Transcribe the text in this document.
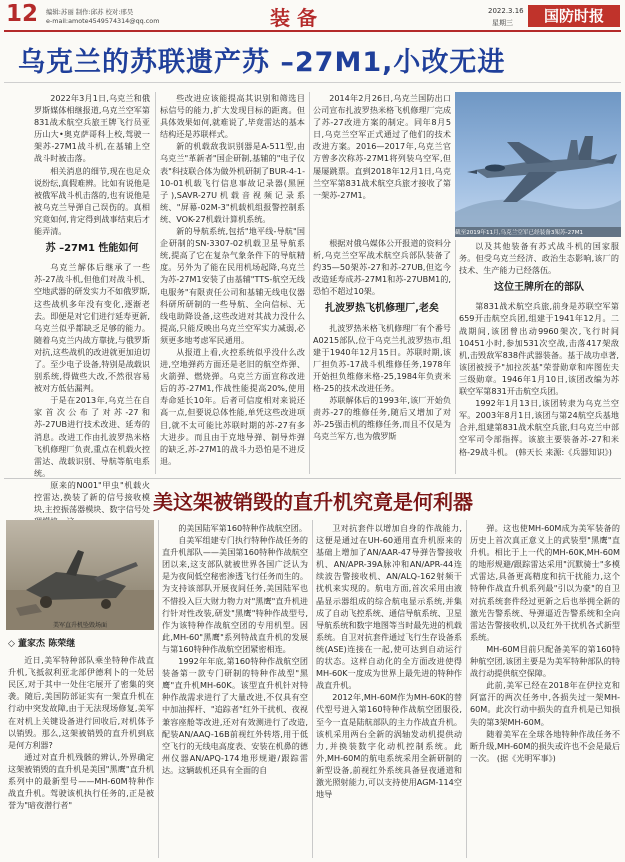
12 编辑:苏丽 制作:邱苏 校对:邢昊
e-mail:amote4549574314@qq.com	装 备	2022.3.16
星期三	国防时报
乌克兰的苏联遗产苏 –27M1,小改无进

2022年3月1日,乌克兰和俄罗斯媒体相继报道,乌克兰空军第831战术航空兵旅王牌飞行员亚历山大•奥克萨哥科上校,驾驶一架苏-27M1战斗机,在基辅上空战斗时被击落。

相关消息的细节,现在也足众说纷纭,真假难辨。比如有说他是被俄军战斗机击落的,也有说他是被乌克兰导弹自己误伤的。真相究竟如何,肯定得到战事结束后才能弄清。

苏 –27M1 性能如何

乌克兰解体后继承了一些苏-27战斗机,但他们对战斗机、空地武器的研发实力不如俄罗斯,这些战机多年没有变化,逐渐老去。即便是对它们进行延寿更新,乌克兰似乎都缺乏足够的能力。随着乌克兰内战方靠拢,与俄罗斯对抗,这些战机的改进就更加迫切了。至少电子设备,特别是战载识别系统,得做些大改,不然很容易被对方低估漏判。

于是在2013年,乌克兰在自家首次公布了对苏-27和苏-27UB进行技术改进、延寿的消息。改进工作由扎波罗热米格飞机修理厂负责,重点在机载火控雷达、战载识别、导航等航电系统。

原来的N001"甲虫"机载火控雷达,换装了新的信号接收模块,主控振荡器模块、数字信号处

些改进应该能提高其识别和筛选目标信号的能力,扩大发现目标的距离。但具体效果如何,就难说了,毕竟雷达的基本结构还是苏联样式。

新的机载敌我识别器是A-511型,由乌克兰"革新者"国企研制,基辅的"电子仪表"科技联合体为做外机研制了BUR-4-1-10-01机载飞行信息事故记录器(黑匣子),SAVR-27U机载音视频记录系统、"屏幕-02M-3"机载机组报警控制系统、VOK-27机载计算机系统。

新的导航系统,包括"地平线-导航"国企研制的SN-3307-02机载卫星导航系统,提高了它在复杂气象条件下的导航精度。另外为了能在民用机场起降,乌克兰为苏-27M1安装了由基辅"TTS-航空无线电服务"有限责任公司和基辅无线电仪器科研所研制的一些导航、全向信标、无线电助降设备,这些改进对其战力没什么提高,只能反映出乌克兰空军实力减弱,必须更多地考虑军民通用。

从报道上看,火控系统似乎没什么改进,空地弹药方面还是老旧的航空炸弹、火箭弹、燃烧弹。乌克兰方面宣称改进后的苏-27M1,作战性能提高20%,使用寿命延长10年。后者可信度相对来说还高一点,但要说总体性能,单凭这些改进项目,就不太可能比苏联时期的苏-27有多大进步。而且由于克地导弹、制导炸弹的缺乏,苏-27M1的战斗力恐怕是不进反退。

截至2019年11月,乌克兰空军已经装备3架苏-27M1

2014年2月26日,乌克兰国防出口公司宣布扎波罗热米格飞机修理厂完成了苏-27改进方案的制定。同年8月5日,乌克兰空军正式通过了他们的技术改进方案。2016—2017年,乌克兰官方曾多次称苏-27M1将列装乌空军,但屡屡跳票。直到2018年12月1日,乌克兰空军第831战术航空兵旅才接收了第一架苏-27M1。

根据对俄乌媒体公开报道的资料分析,乌克兰空军战术航空兵部队装备了约35—50架苏-27和苏-27UB,但迄今改造延寿成苏-27M1和苏-27UBM1的,恐怕不超过10架。

扎波罗热飞机修理厂,老矣

扎波罗热米格飞机修理厂有个番号A0215部队,位于乌克兰扎波罗热市,组建于1940年12月15日。苏联时期,该厂担负苏-17战斗机维修任务,1978年开始担负维修米格-25,1984年负责米格-25的技术改进任务。

苏联解体后的1993年,该厂开始负责苏-27的维修任务,随后又增加了对苏-25强击机的维修任务,而且不仅是为乌克兰军方,也为俄罗斯

以及其他装备有苏式战斗机的国家服务。但受乌克兰经济、政治生态影响,该厂的技术、生产能力已经落伍。

这位王牌所在的部队

第831战术航空兵旅,前身是苏联空军第659开击航空兵团,组建于1941年12月。二战期间,该团曾出动9960架次,飞行时间10451小时,参加531次空战,击落417架敌机,击毁敌军838件武器装备。基于战功卓著,该团被授予"加拉茨基"荣誉勋章和库图佐夫三级勋章。1946年1月10日,该团改编为苏联空军第831开击航空兵团。

1992年1月13日,该团转隶为乌克兰空军。2003年8月1日,该团与第24航空兵基地合并,组建第831战术航空兵旅,归乌克兰中部空军司令部指挥。该旅主要装备苏-27和米格-29战斗机。 (韩天长 来源:《兵器知识》)

美这架被销毁的直升机究竟是何利器
美军直升机坠毁场面

◇ 董家杰 陈荣继

近日,美军特种部队乘坐特种作战直升机,飞抵叙利亚北部伊德利卜的一处居民区,对于其中一处住宅展开了密集的突袭。随后,美国防部证实有一架直升机在行动中突发故障,由于无法现场修复,美军在对机上关键设备进行回收后,对机体予以销毁。那么,这架被销毁的直升机到底是何方利器?

通过对直升机残骸的辨认,外界确定这架被销毁的直升机是美国"黑鹰"直升机系列中的最新型号——MH-60M特种作战直升机。驾驶该机执行任务的,正是被誉为"暗夜潜行者"

的美国陆军第160特种作战航空团。

自美军组建专门执行特种作战任务的直升机部队——美国第160特种作战航空团以来,这支部队就被世界各国广泛认为是为夜间低空秘密渗透飞行任务而生的。为支持该部队开展夜间任务,美国陆军也不惜投入巨大财力物力对"黑鹰"直升机进行针对性改装,研发"黑鹰"特种作战型号,作为该特种作战航空团的专用机型。因此,MH-60"黑鹰"系列特战直升机的发展与第160特种作战航空团紧密相连。

1992年年底,第160特种作战航空团装备第一款专门研制的特种作战型"黑鹰"直升机MH-60K。该型直升机针对特种作战需求进行了大量改进,不仅具有空中加油挥杆、"追踪者"红外干扰机、夜视兼容座舱等改进,还对有效测进行了改造,配装AN/AAQ-16B前视红外转塔,用于低空飞行的无线电高度表、安装在机鼻的德州仪器AN/APQ-174地形规避/跟踪雷达。这辆载机还具有全面的自

卫对抗套件以增加自身的作战能力,这便是通过在UH-60通用直升机原来的基础上增加了AN/AAR-47导弹告警接收机、AN/APR-39A脉冲和AN/APR-44连续波告警接收机、AN/ALQ-162射频干扰机来实现的。航电方面,首次采用由液晶显示器组成的综合航电显示系统,并集成了自动飞控系统、通信导航系统、卫星导航系统和数字地图等当时最先进的机载系统。自卫对抗套件通过飞行生存设备系统(ASE)连接在一起,使可达到自动运行的状态。这样自动化的全方面改进使得MH-60K一度成为世界上最先进的特种作战直升机。

2012年,MH-60M作为MH-60K的替代型号进入第160特种作战航空团服役,至今一直是陆航部队的主力作战直升机。该机采用两台全新的涡轴发动机提供动力,并换装数字化动机控制系统。此外,MH-60M的航电系统采用全新研制的新型设备,前视红外系统具备昼夜通道和激光照射能力,可以支持使用AGM-114空地导

弹。这也使MH-60M成为美军装备的历史上首次真正意义上的武装型"黑鹰"直升机。相比于上一代的MH-60K,MH-60M的地形规避/跟踪雷达采用"沉默骑士"多模式雷达,具备更高精度和抗干扰能力,这个特种作战直升机系列最"引以为豪"的自卫对抗系统套件经过更新之后也举拥全新的激光告警系统、导弹逼近告警系统和全向雷达告警接收机,以及红外干扰机各式新型系统。

MH-60M目前只配备美军的第160特种航空团,该团主要是为美军特种部队的特战行动提供航空保障。

此前,美军已经在2018年在伊拉克和阿富汗的两次任务中,各损失过一架MH-60M。此次行动中损失的直升机是已知损失的第3架MH-60M。

随着美军在全球各地特种作战任务不断升级,MH-60M的损失或许也不会是最后一次。 (据《光明军事》)
